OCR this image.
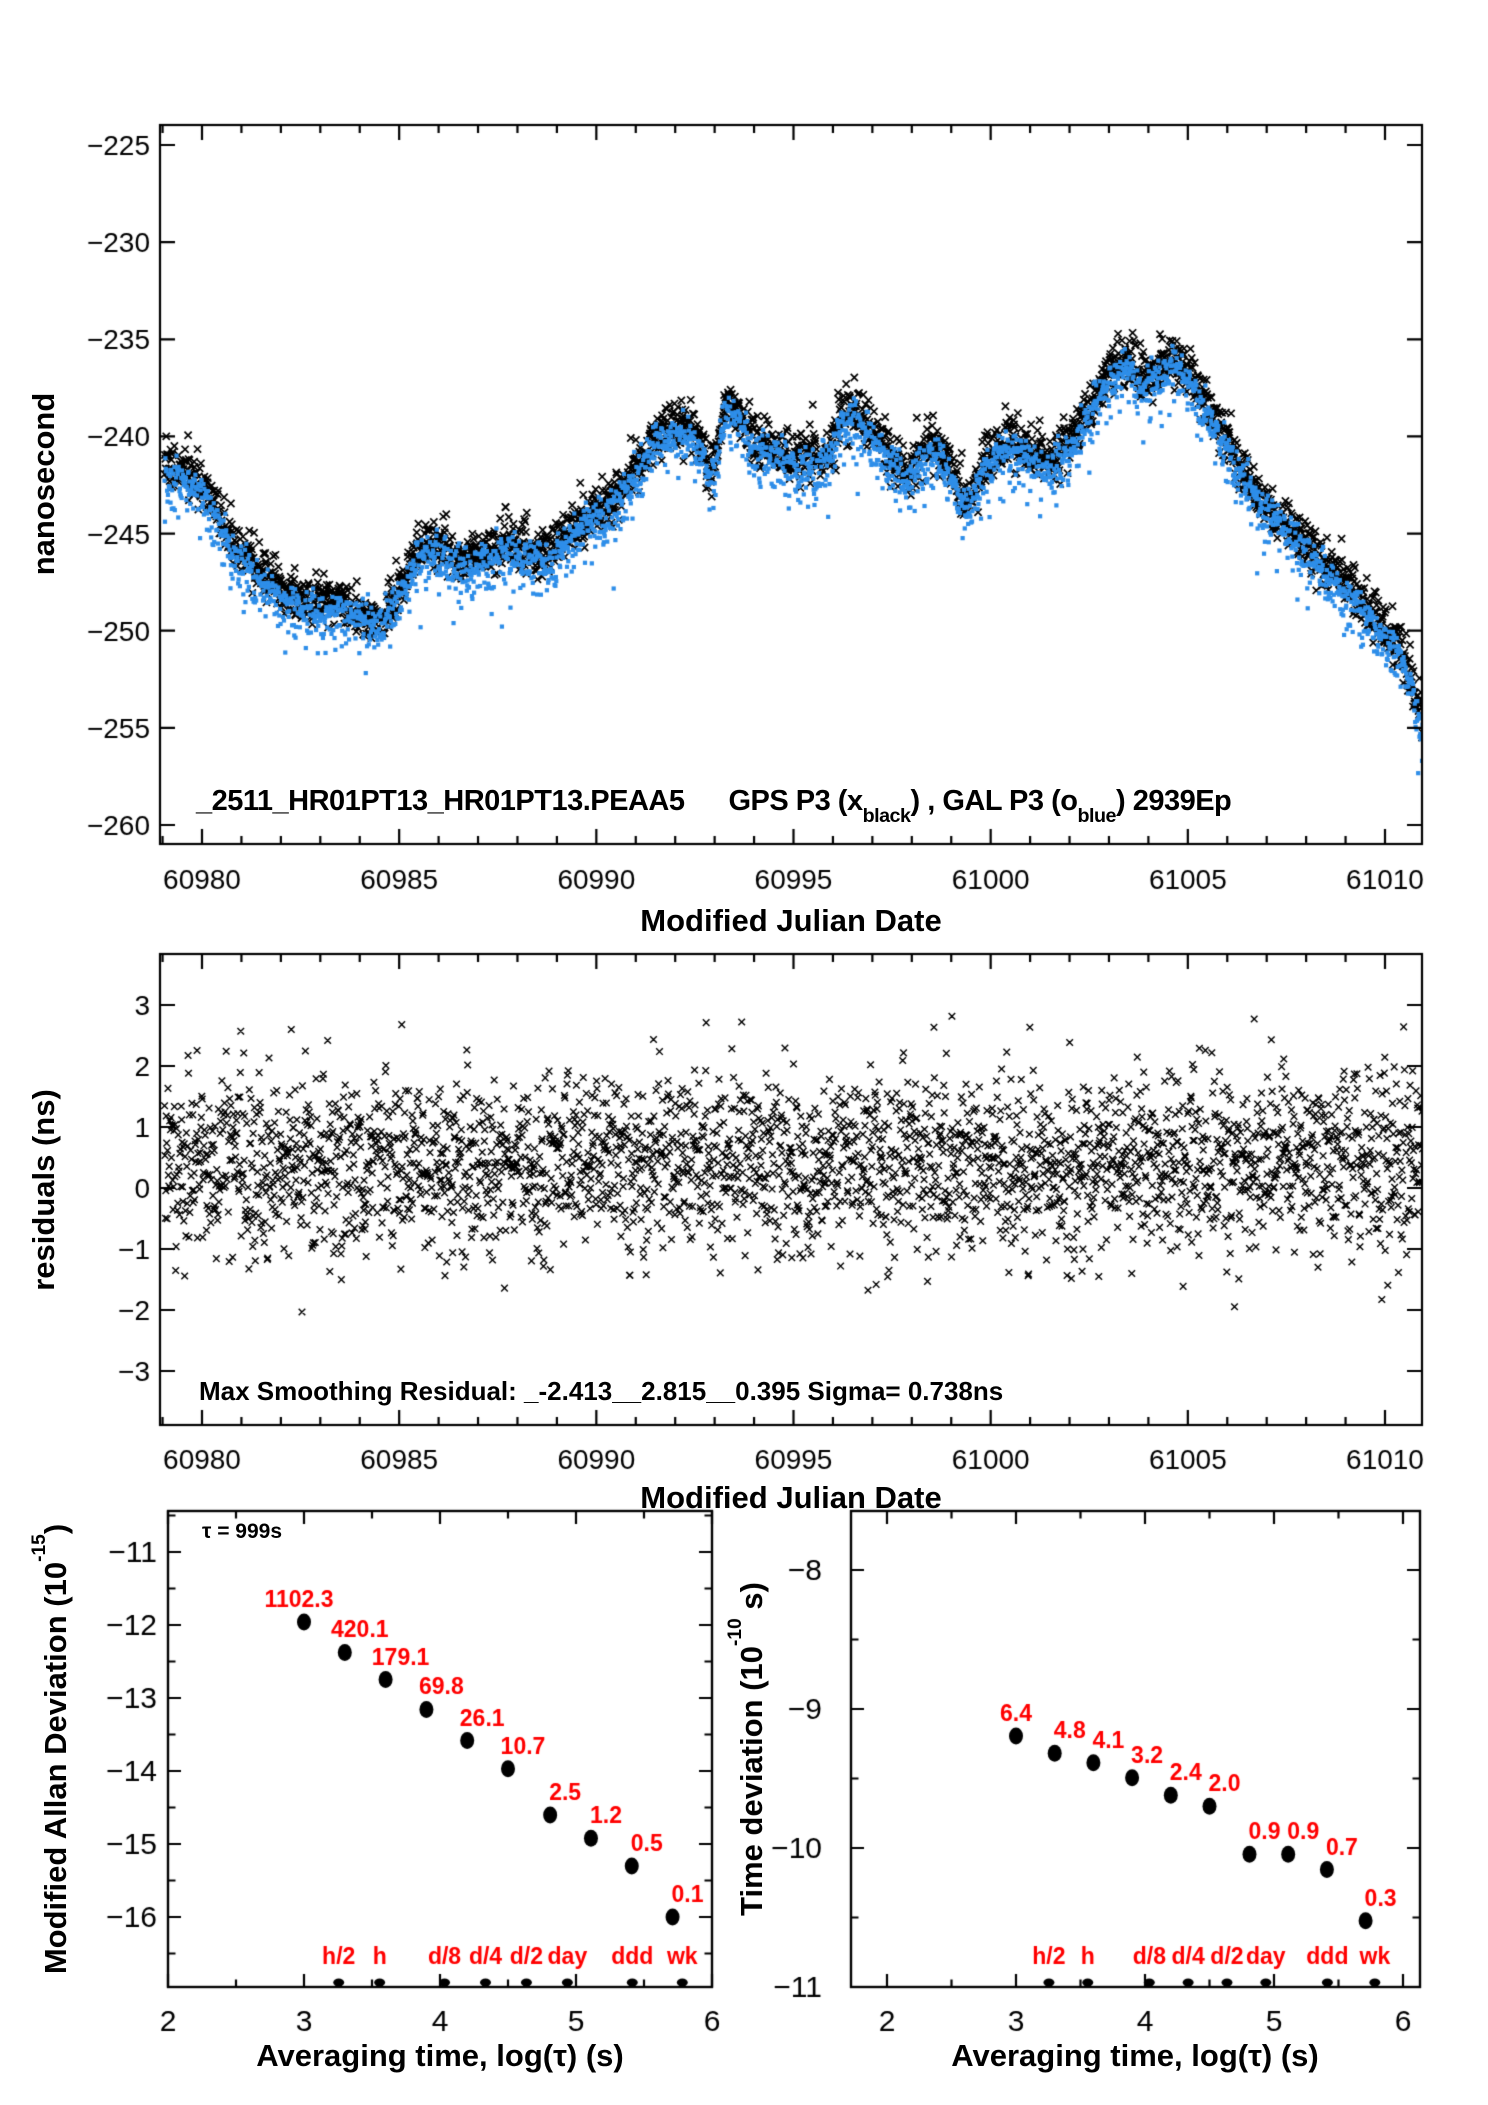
nanosecond
_2511_HR01PT13_HR01PT13.PEAA5 GPS P3 $(x_{black})$ , GAL P3 $(o_{blue})$ 2939Ep
Modified Julian Date
residuals (ns)
Max Smoothing Residual: _-2.413__2.815__0.395 Sigma= 0.738ns
Modified Julian Date
τ = 999s
Modified Allan Deviation $(10^{-15})$
Averaging time, log(τ) (s)
Time deviation ($10^{-10}$ s)
Averaging time, log(τ) (s)
